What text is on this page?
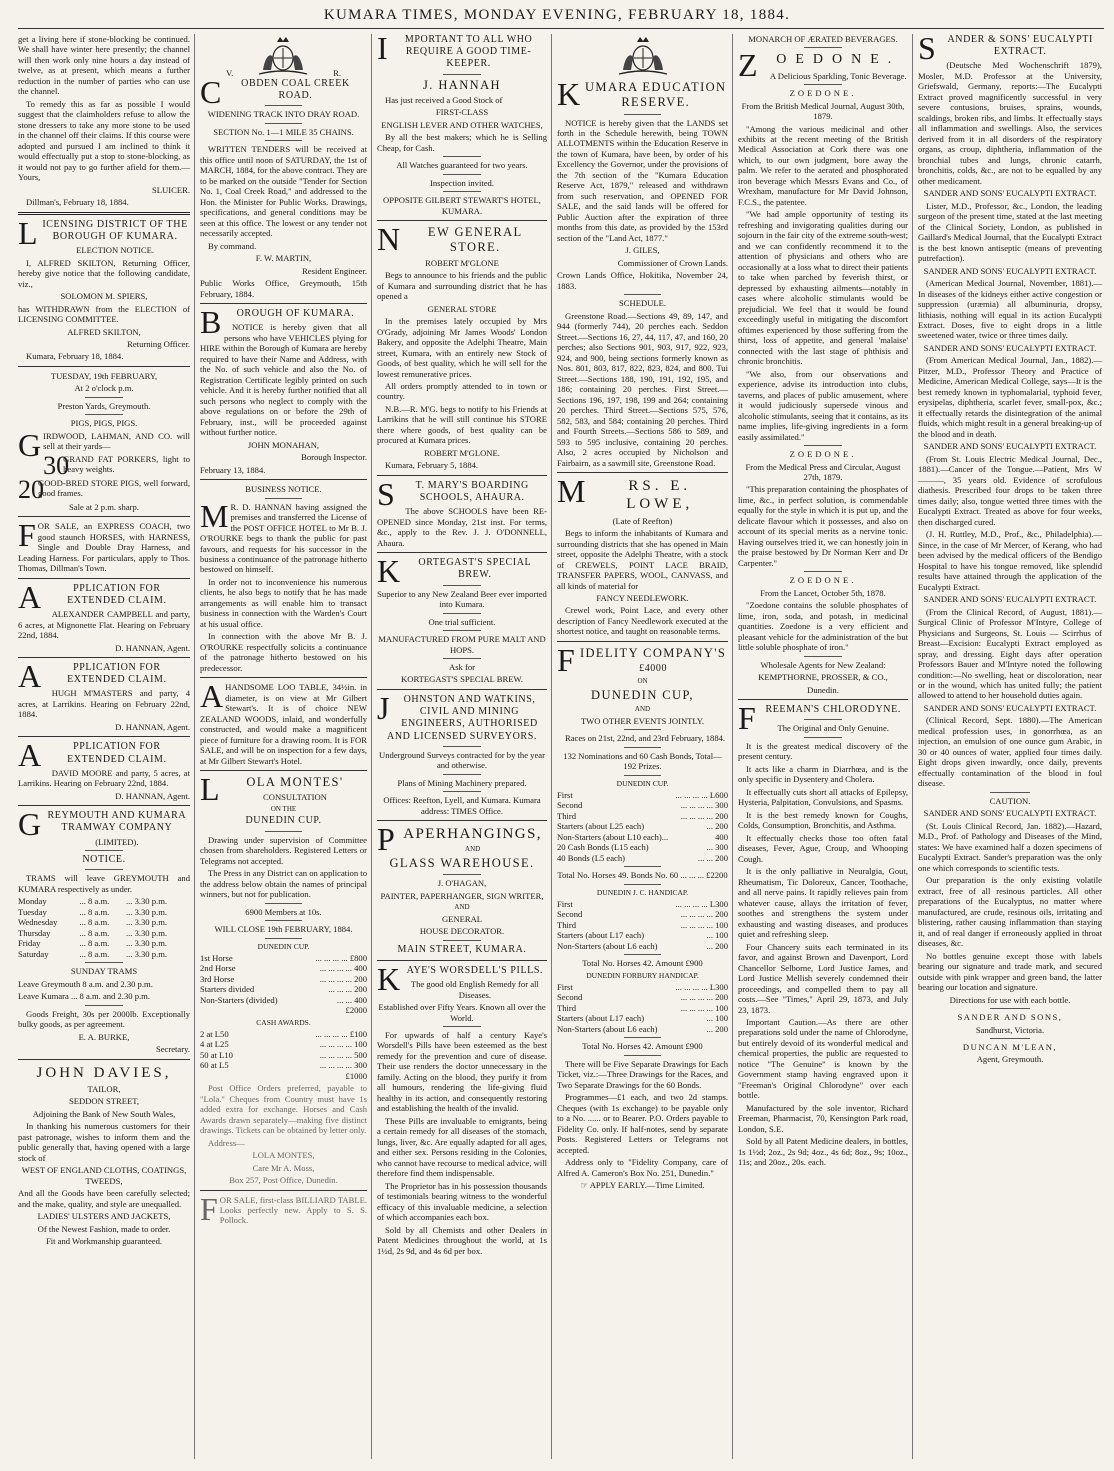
KUMARA TIMES, MONDAY EVENING, FEBRUARY 18, 1884.

get a living here if stone-blocking be continued. We shall have winter here presently; the channel will then work only nine hours a day instead of twelve, as at present, which means a further reduction in the number of parties who can use the channel.

To remedy this as far as possible I would suggest that the claimholders refuse to allow the stone dressers to take any more stone to be used in the channel off their claims. If this course were adopted and pursued I am inclined to think it would effectually put a stop to stone-blocking, as it would not pay to go further afield for them.—Yours,

SLUICER.

Dillman's, February 18, 1884.

LICENSING DISTRICT OF THE BOROUGH OF KUMARA.

ELECTION NOTICE.

I, ALFRED SKILTON, Returning Officer, hereby give notice that the following candidate, viz.,

SOLOMON M. SPIERS,

has WITHDRAWN from the ELECTION of LICENSING COMMITTEE.

ALFRED SKILTON,

Returning Officer.

Kumara, February 18, 1884.

TUESDAY, 19th FEBRUARY,

At 2 o'clock p.m.

Preston Yards, Greymouth.

PIGS, PIGS, PIGS.

GIRDWOOD, LAHMAN, AND CO. will sell at their yards—

30

GRAND FAT PORKERS, light to heavy weights.

20

GOOD-BRED STORE PIGS, well forward, good frames.

Sale at 2 p.m. sharp.

FOR SALE, an EXPRESS COACH, two good staunch HORSES, with HARNESS, Single and Double Dray Harness, and Leading Harness. For particulars, apply to Thos. Thomas, Dillman's Town.

APPLICATION FOR EXTENDED CLAIM.

ALEXANDER CAMPBELL and party, 6 acres, at Mignonette Flat. Hearing on February 22nd, 1884.

D. HANNAN, Agent.

APPLICATION FOR EXTENDED CLAIM.

HUGH M'MASTERS and party, 4 acres, at Larrikins. Hearing on February 22nd, 1884.

D. HANNAN, Agent.

APPLICATION FOR EXTENDED CLAIM.

DAVID MOORE and party, 5 acres, at Larrikins. Hearing on February 22nd, 1884.

D. HANNAN, Agent.

GREYMOUTH AND KUMARA TRAMWAY COMPANY

(LIMITED).

NOTICE.

TRAMS will leave GREYMOUTH and KUMARA respectively as under.

Monday	... 8 a.m.	... 3.30 p.m.
Tuesday	... 8 a.m.	... 3.30 p.m.
Wednesday	... 8 a.m.	... 3.30 p.m.
Thursday	... 8 a.m.	... 3.30 p.m.
Friday	... 8 a.m.	... 3.30 p.m.
Saturday	... 8 a.m.	... 3.30 p.m.

SUNDAY TRAMS

Leave Greymouth 8 a.m. and 2.30 p.m.

Leave Kumara ... 8 a.m. and 2.30 p.m.

Goods Freight, 30s per 2000lb. Exceptionally bulky goods, as per agreement.

E. A. BURKE,

Secretary.

JOHN DAVIES,

TAILOR,

SEDDON STREET,

Adjoining the Bank of New South Wales,

In thanking his numerous customers for their past patronage, wishes to inform them and the public generally that, having opened with a large stock of

WEST OF ENGLAND CLOTHS, COATINGS, TWEEDS,

And all the Goods have been carefully selected; and the make, quality, and style are unequalled.

LADIES' ULSTERS AND JACKETS,

Of the Newest Fashion, made to order.

Fit and Workmanship guaranteed.

V.	R.

COBDEN COAL CREEK ROAD.

WIDENING TRACK INTO DRAY ROAD.

SECTION No. 1—1 MILE 35 CHAINS.

WRITTEN TENDERS will be received at this office until noon of SATURDAY, the 1st of MARCH, 1884, for the above contract. They are to be marked on the outside "Tender for Section No. 1, Coal Creek Road," and addressed to the Hon. the Minister for Public Works. Drawings, specifications, and general conditions may be seen at this office. The lowest or any tender not necessarily accepted.

By command.

F. W. MARTIN,

Resident Engineer.

Public Works Office, Greymouth, 15th February, 1884.

BOROUGH OF KUMARA.

NOTICE is hereby given that all persons who have VEHICLES plying for HIRE within the Borough of Kumara are hereby required to have their Name and Address, with the No. of such vehicle and also the No. of Registration Certificate legibly printed on such vehicle. And it is hereby further notified that all such persons who neglect to comply with the above regulations on or before the 29th of February, inst., will be proceeded against without further notice.

JOHN MONAHAN,

Borough Inspector.

February 13, 1884.

BUSINESS NOTICE.

MR. D. HANNAN having assigned the premises and transferred the License of the POST OFFICE HOTEL to Mr B. J. O'ROURKE begs to thank the public for past favours, and requests for his successor in the business a continuance of the patronage hitherto bestowed on himself.

In order not to inconvenience his numerous clients, he also begs to notify that he has made arrangements as will enable him to transact business in connection with the Warden's Court at his usual office.

In connection with the above Mr B. J. O'ROURKE respectfully solicits a continuance of the patronage hitherto bestowed on his predecessor.

AHANDSOME LOO TABLE, 34½in. in diameter, is on view at Mr Gilbert Stewart's. It is of choice NEW ZEALAND WOODS, inlaid, and wonderfully constructed, and would make a magnificent piece of furniture for a drawing room. It is FOR SALE, and will be on inspection for a few days, at Mr Gilbert Stewart's Hotel.

LOLA MONTES'

CONSULTATION

ON THE

DUNEDIN CUP.

Drawing under supervision of Committee chosen from shareholders. Registered Letters or Telegrams not accepted.

The Press in any District can on application to the address below obtain the names of principal winners, but not for publication.

6900 Members at 10s.

WILL CLOSE 19th FEBRUARY, 1884.

DUNEDIN CUP.

1st Horse	... ... ... ... £800
2nd Horse	... ... ... ... 400
3rd Horse	... ... ... ... 200
Starters divided	... ... ... 200
Non-Starters (divided)	... ... 400

£2000

CASH AWARDS.

2 at L50	... ... ... ... £100
4 at L25	... ... ... ... 100
50 at L10	... ... ... ... 500
60 at L5	... ... ... ... 300

£1000

Post Office Orders preferred, payable to "Lola." Cheques from Country must have 1s added extra for exchange. Horses and Cash Awards drawn separately—making five distinct drawings. Tickets can be obtained by letter only.

Address—

LOLA MONTES,

Care Mr A. Moss,

Box 257, Post Office, Dunedin.

FOR SALE, first-class BILLIARD TABLE. Looks perfectly new. Apply to S. S. Pollock.

IMPORTANT TO ALL WHO REQUIRE A GOOD TIME-KEEPER.

J. HANNAH

Has just received a Good Stock of

FIRST-CLASS

ENGLISH LEVER AND OTHER WATCHES,

By all the best makers; which he is Selling Cheap, for Cash.

All Watches guaranteed for two years.

Inspection invited.

OPPOSITE GILBERT STEWART'S HOTEL, KUMARA.

NEW GENERAL STORE.

ROBERT M'GLONE

Begs to announce to his friends and the public of Kumara and surrounding district that he has opened a

GENERAL STORE

In the premises lately occupied by Mrs O'Grady, adjoining Mr James Woods' London Bakery, and opposite the Adelphi Theatre, Main street, Kumara, with an entirely new Stock of Goods, of best quality, which he will sell for the lowest remunerative prices.

All orders promptly attended to in town or country.

N.B.—R. M'G. begs to notify to his Friends at Larrikins that he will still continue his STORE there where goods, of best quality can be procured at Kumara prices.

ROBERT M'GLONE.

Kumara, February 5, 1884.

ST. MARY'S BOARDING SCHOOLS, AHAURA.

The above SCHOOLS have been RE-OPENED since Monday, 21st inst. For terms, &c., apply to the Rev. J. J. O'DONNELL, Ahaura.

KORTEGAST'S SPECIAL BREW.

Superior to any New Zealand Beer ever imported into Kumara.

One trial sufficient.

MANUFACTURED FROM PURE MALT AND HOPS.

Ask for

KORTEGAST'S SPECIAL BREW.

JOHNSTON AND WATKINS, CIVIL AND MINING ENGINEERS, AUTHORISED AND LICENSED SURVEYORS.

Underground Surveys contracted for by the year and otherwise.

Plans of Mining Machinery prepared.

Offices: Reefton, Lyell, and Kumara. Kumara address: TIMES Office.

PAPERHANGINGS,

AND

GLASS WAREHOUSE.

J. O'HAGAN,

PAINTER, PAPERHANGER, SIGN WRITER,

AND

GENERAL

HOUSE DECORATOR.

MAIN STREET, KUMARA.

KAYE'S WORSDELL'S PILLS.

The good old English Remedy for all Diseases.

Established over Fifty Years. Known all over the World.

For upwards of half a century Kaye's Worsdell's Pills have been esteemed as the best remedy for the prevention and cure of disease. Their use renders the doctor unnecessary in the family. Acting on the blood, they purify it from all humours, rendering the life-giving fluid healthy in its action, and consequently restoring and establishing the health of the invalid.

These Pills are invaluable to emigrants, being a certain remedy for all diseases of the stomach, lungs, liver, &c. Are equally adapted for all ages, and either sex. Persons residing in the Colonies, who cannot have recourse to medical advice, will therefore find them indispensable.

The Proprietor has in his possession thousands of testimonials bearing witness to the wonderful efficacy of this invaluable medicine, a selection of which accompanies each box.

Sold by all Chemists and other Dealers in Patent Medicines throughout the world, at 1s 1½d, 2s 9d, and 4s 6d per box.

KUMARA EDUCATION RESERVE.

NOTICE is hereby given that the LANDS set forth in the Schedule herewith, being TOWN ALLOTMENTS within the Education Reserve in the town of Kumara, have been, by order of his Excellency the Governor, under the provisions of the 7th section of the "Kumara Education Reserve Act, 1879," released and withdrawn from such reservation, and OPENED FOR SALE, and the said lands will be offered for Public Auction after the expiration of three months from this date, as provided by the 153rd section of the "Land Act, 1877."

J. GILES,

Commissioner of Crown Lands.

Crown Lands Office, Hokitika, November 24, 1883.

SCHEDULE.

Greenstone Road.—Sections 49, 89, 147, and 944 (formerly 744), 20 perches each. Seddon Street.—Sections 16, 27, 44, 117, 47, and 160, 20 perches; also Sections 901, 903, 917, 922, 923, 924, and 900, being sections formerly known as Nos. 801, 803, 817, 822, 823, 824, and 800. Tui Street.—Sections 188, 190, 191, 192, 195, and 186; containing 20 perches. First Street.—Sections 196, 197, 198, 199 and 264; containing 20 perches. Third Street.—Sections 575, 576, 582, 583, and 584; containing 20 perches. Third and Fourth Streets.—Sections 586 to 589, and 593 to 595 inclusive, containing 20 perches. Also, 2 acres occupied by Nicholson and Fairbairn, as a sawmill site, Greenstone Road.

MRS. E. LOWE,

(Late of Reefton)

Begs to inform the inhabitants of Kumara and surrounding districts that she has opened in Main street, opposite the Adelphi Theatre, with a stock of CREWELS, POINT LACE BRAID, TRANSFER PAPERS, WOOL, CANVASS, and all kinds of material for

FANCY NEEDLEWORK.

Crewel work, Point Lace, and every other description of Fancy Needlework executed at the shortest notice, and taught on reasonable terms.

FIDELITY COMPANY'S

£4000

ON

DUNEDIN CUP,

AND

TWO OTHER EVENTS JOINTLY.

Races on 21st, 22nd, and 23rd February, 1884.

132 Nominations and 60 Cash Bonds, Total—192 Prizes.

DUNEDIN CUP.

First	... ... ... ... L600
Second	... ... ... ... 300
Third	... ... ... ... 200
Starters (about L25 each)	... 200
Non-Starters (about L10 each)...	400
20 Cash Bonds (L15 each)	... 300
40 Bonds (L5 each)	... ... 200

Total No. Horses 49. Bonds No. 60 ... ... ... £2200

DUNEDIN J. C. HANDICAP.

First	... ... ... ... L300
Second	... ... ... ... 200
Third	... ... ... ... 100
Starters (about L17 each)	... 100
Non-Starters (about L6 each)	... 200

Total No. Horses 42. Amount £900

DUNEDIN FORBURY HANDICAP.

First	... ... ... ... L300
Second	... ... ... ... 200
Third	... ... ... ... 100
Starters (about L17 each)	... 100
Non-Starters (about L6 each)	... 200

Total No. Horses 42. Amount £900

There will be Five Separate Drawings for Each Ticket, viz.:—Three Drawings for the Races, and Two Separate Drawings for the 60 Bonds.

Programmes—£1 each, and two 2d stamps. Cheques (with 1s exchange) to be payable only to a No. ...... or to Bearer. P.O. Orders payable to Fidelity Co. only. If half-notes, send by separate Posts. Registered Letters or Telegrams not accepted.

Address only to "Fidelity Company, care of Alfred A. Cameron's Box No. 251, Dunedin."

☞ APPLY EARLY.—Time Limited.

MONARCH OF ÆRATED BEVERAGES.

ZOEDONE.

A Delicious Sparkling, Tonic Beverage.

ZOEDONE.

From the British Medical Journal, August 30th, 1879.

"Among the various medicinal and other exhibits at the recent meeting of the British Medical Association at Cork there was one which, to our own judgment, bore away the palm. We refer to the aerated and phosphorated iron beverage which Messrs Evans and Co., of Wrexham, manufacture for Mr David Johnson, F.C.S., the patentee.

"We had ample opportunity of testing its refreshing and invigorating qualities during our sojourn in the fair city of the extreme south-west; and we can confidently recommend it to the attention of physicians and others who are occasionally at a loss what to direct their patients to take when parched by feverish thirst, or depressed by exhausting ailments—notably in cases where alcoholic stimulants would be prejudicial. We feel that it would be found exceedingly useful in mitigating the discomfort oftimes experienced by those suffering from the thirst, loss of appetite, and general 'malaise' connected with the last stage of phthisis and chronic bronchitis.

"We also, from our observations and experience, advise its introduction into clubs, taverns, and places of public amusement, where it would judiciously supersede vinous and alcoholic stimulants, seeing that it contains, as its name implies, life-giving ingredients in a form easily assimilated."

ZOEDONE.

From the Medical Press and Circular, August 27th, 1879.

"This preparation containing the phosphates of lime, &c., in perfect solution, is commendable equally for the style in which it is put up, and the delicate flavour which it possesses, and also on account of its special merits as a nervine tonic. Having ourselves tried it, we can honestly join in the praise bestowed by Dr Norman Kerr and Dr Carpenter."

ZOEDONE.

From the Lancet, October 5th, 1878.

"Zoedone contains the soluble phosphates of lime, iron, soda, and potash, in medicinal quantities. Zoedone is a very efficient and pleasant vehicle for the administration of the but little soluble phosphate of iron."

Wholesale Agents for New Zealand:

KEMPTHORNE, PROSSER, & CO.,

Dunedin.

FREEMAN'S CHLORODYNE.

The Original and Only Genuine.

It is the greatest medical discovery of the present century.

It acts like a charm in Diarrhœa, and is the only specific in Dysentery and Cholera.

It effectually cuts short all attacks of Epilepsy, Hysteria, Palpitation, Convulsions, and Spasms.

It is the best remedy known for Coughs, Colds, Consumption, Bronchitis, and Asthma.

It effectually checks those too often fatal diseases, Fever, Ague, Croup, and Whooping Cough.

It is the only palliative in Neuralgia, Gout, Rheumatism, Tic Doloreux, Cancer, Toothache, and all nerve pains. It rapidly relieves pain from whatever cause, allays the irritation of fever, soothes and strengthens the system under exhausting and wasting diseases, and produces quiet and refreshing sleep.

Four Chancery suits each terminated in its favor, and against Brown and Davenport, Lord Chancellor Selborne, Lord Justice James, and Lord Justice Mellish severely condemned their proceedings, and compelled them to pay all costs.—See "Times," April 29, 1873, and July 23, 1873.

Important Caution.—As there are other preparations sold under the name of Chlorodyne, but entirely devoid of its wonderful medical and chemical properties, the public are requested to notice "The Genuine" is known by the Government stamp having engraved upon it "Freeman's Original Chlorodyne" over each bottle.

Manufactured by the sole inventor, Richard Freeman, Pharmacist, 70, Kensington Park road, London, S.E.

Sold by all Patent Medicine dealers, in bottles, 1s 1½d; 2oz., 2s 9d; 4oz., 4s 6d; 8oz., 9s; 10oz., 11s; and 20oz., 20s. each.

SANDER & SONS' EUCALYPTI EXTRACT.

(Deutsche Med Wochenschrift 1879), Mosler, M.D. Professor at the University, Griefswald, Germany, reports:—The Eucalypti Extract proved magnificently successful in very severe contusions, bruises, sprains, wounds, scaldings, broken ribs, and limbs. It effectually stays all inflammation and swellings. Also, the services derived from it in all disorders of the respiratory organs, as croup, diphtheria, inflammation of the bronchial tubes and lungs, chronic catarrh, bronchitis, colds, &c., are not to be equalled by any other medicament.

SANDER AND SONS' EUCALYPTI EXTRACT.

Lister, M.D., Professor, &c., London, the leading surgeon of the present time, stated at the last meeting of the Clinical Society, London, as published in Gaillard's Medical Journal, that the Eucalypti Extract is the best known antiseptic (means of preventing putrefaction).

SANDER AND SONS' EUCALYPTI EXTRACT.

(American Medical Journal, November, 1881).—In diseases of the kidneys either active congestion or suppression (uræmia) all albuminuria, dropsy, lithiasis, nothing will equal in its action Eucalypti Extract. Doses, five to eight drops in a little sweetened water, twice or three times daily.

SANDER AND SONS' EUCALYPTI EXTRACT.

(From American Medical Journal, Jan., 1882).—Pitzer, M.D., Professor Theory and Practice of Medicine, American Medical College, says—It is the best remedy known in typhomalarial, typhoid fever, erysipelas, diphtheria, scarlet fever, small-pox, &c.; it effectually retards the disintegration of the animal fluids, which might result in a general breaking-up of the blood and in death.

SANDER AND SONS' EUCALYPTI EXTRACT.

(From St. Louis Electric Medical Journal, Dec., 1881).—Cancer of the Tongue.—Patient, Mrs W———, 35 years old. Evidence of scrofulous diathesis. Prescribed four drops to be taken three times daily; also, tongue wetted three times with the Eucalypti Extract. Treated as above for four weeks, then discharged cured.

(J. H. Ruttley, M.D., Prof., &c., Philadelphia).—Since, in the case of Mr Mercer, of Kerang, who had been advised by the medical officers of the Bendigo Hospital to have his tongue removed, like splendid results have attained through the application of the Eucalypti Extract.

SANDER AND SONS' EUCALYPTI EXTRACT.

(From the Clinical Record, of August, 1881).—Surgical Clinic of Professor M'Intyre, College of Physicians and Surgeons, St. Louis — Scirrhus of Breast—Excision: Eucalypti Extract employed as spray, and dressing. Eight days after operation Professors Bauer and M'Intyre noted the following condition:—No swelling, heat or discoloration, near or in the wound, which has united fully; the patient allowed to attend to her household duties again.

SANDER AND SONS' EUCALYPTI EXTRACT.

(Clinical Record, Sept. 1880).—The American medical profession uses, in gonorrhœa, as an injection, an emulsion of one ounce gum Arabic, in 30 or 40 ounces of water, applied four times daily. Eight drops given inwardly, once daily, prevents effectually contamination of the blood in foul disease.

CAUTION.

SANDER AND SONS' EUCALYPTI EXTRACT.

(St. Louis Clinical Record, Jan. 1882).—Hazard, M.D., Prof. of Pathology and Diseases of the Mind, states: We have examined half a dozen specimens of Eucalypti Extract. Sander's preparation was the only one which corresponds to scientific tests.

Our preparation is the only existing volatile extract, free of all resinous particles. All other preparations of the Eucalyptus, no matter where manufactured, are crude, resinous oils, irritating and blistering, rather causing inflammation than staying it, and of real danger if erroneously applied in throat diseases, &c.

No bottles genuine except those with labels bearing our signature and trade mark, and secured outside with pink wrapper and green band, the latter bearing our location and signature.

Directions for use with each bottle.

SANDER AND SONS,

Sandhurst, Victoria.

DUNCAN M'LEAN,

Agent, Greymouth.
